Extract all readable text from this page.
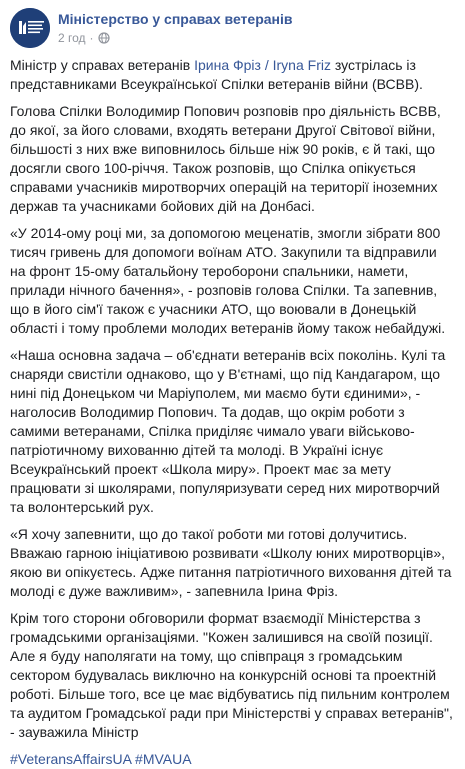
Міністерство у справах ветеранів
2 год ·

Міністр у справах ветеранів Ірина Фріз / Iryna Friz зустрілась із представниками Всеукраїнської Спілки ветеранів війни (ВСВВ).

Голова Спілки Володимир Попович розповів про діяльність ВСВВ, до якої, за його словами, входять ветерани Другої Світової війни, більшості з них вже виповнилось більше ніж 90 років, є й такі, що досягли свого 100-річчя. Також розповів, що Спілка опікується справами учасників миротворчих операцій на території іноземних держав та учасниками бойових дій на Донбасі.

«У 2014-ому році ми, за допомогою меценатів, змогли зібрати 800 тисяч гривень для допомоги воїнам АТО. Закупили та відправили на фронт 15-ому батальйону тероборони спальники, намети, прилади нічного бачення», - розповів голова Спілки. Та запевнив, що в його сім'ї також є учасники АТО, що воювали в Донецькій області і тому проблеми молодих ветеранів йому також небайдужі.

«Наша основна задача – об'єднати ветеранів всіх поколінь. Кулі та снаряди свистіли однаково, що у В'єтнамі, що під Кандагаром, що нині під Донецьком чи Маріуполем, ми маємо бути єдиними», - наголосив Володимир Попович. Та додав, що окрім роботи з самими ветеранами, Спілка приділяє чимало уваги військово-патріотичному вихованню дітей та молоді. В Україні існує Всеукраїнський проект «Школа миру». Проект має за мету працювати зі школярами, популяризувати серед них миротворчий та волонтерський рух.

«Я хочу запевнити, що до такої роботи ми готові долучитись. Вважаю гарною ініціативою розвивати «Школу юних миротворців», якою ви опікуєтесь. Адже питання патріотичного виховання дітей та молоді є дуже важливим», - запевнила Ірина Фріз.

Крім того сторони обговорили формат взаємодії Міністерства з громадськими організаціями. "Кожен залишився на своїй позиції. Але я буду наполягати на тому, що співпраця з громадським сектором будувалась виключно на конкурсній основі та проектній роботі. Більше того, все це має відбуватись під пильним контролем та аудитом Громадської ради при Міністерстві у справах ветеранів", - зауважила Міністр

#VeteransAffairsUA #MVAUA
